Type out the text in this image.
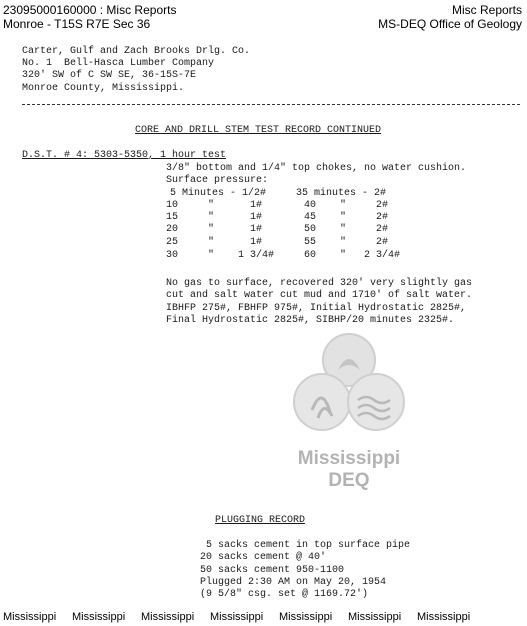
23095000160000 : Misc Reports
Monroe - T15S R7E Sec 36
Misc Reports
MS-DEQ Office of Geology
Mississippi
DEQ
Carter, Gulf and Zach Brooks Drlg. Co.
No. 1  Bell-Hasca Lumber Company
320' SW of C SW SE, 36-15S-7E
Monroe County, Mississippi.
CORE AND DRILL STEM TEST RECORD CONTINUED
D.S.T. # 4: 5303-5350, 1 hour test
3/8" bottom and 1/4" top chokes, no water cushion.
Surface pressure:
5 Minutes - 1/2#     35 minutes - 2#
10     "      1#       40    "     2#
15     "      1#       45    "     2#
20     "      1#       50    "     2#
25     "      1#       55    "     2#
30     "    1 3/4#     60    "   2 3/4#
No gas to surface, recovered 320' very slightly gas
cut and salt water cut mud and 1710' of salt water.
IBHFP 275#, FBHFP 975#, Initial Hydrostatic 2825#,
Final Hydrostatic 2825#, SIBHP/20 minutes 2325#.
PLUGGING RECORD
5 sacks cement in top surface pipe
20 sacks cement @ 40'
50 sacks cement 950-1100
Plugged 2:30 AM on May 20, 1954
(9 5/8" csg. set @ 1169.72')
Mississippi	Mississippi	Mississippi	Mississippi	Mississippi	Mississippi	Mississippi
